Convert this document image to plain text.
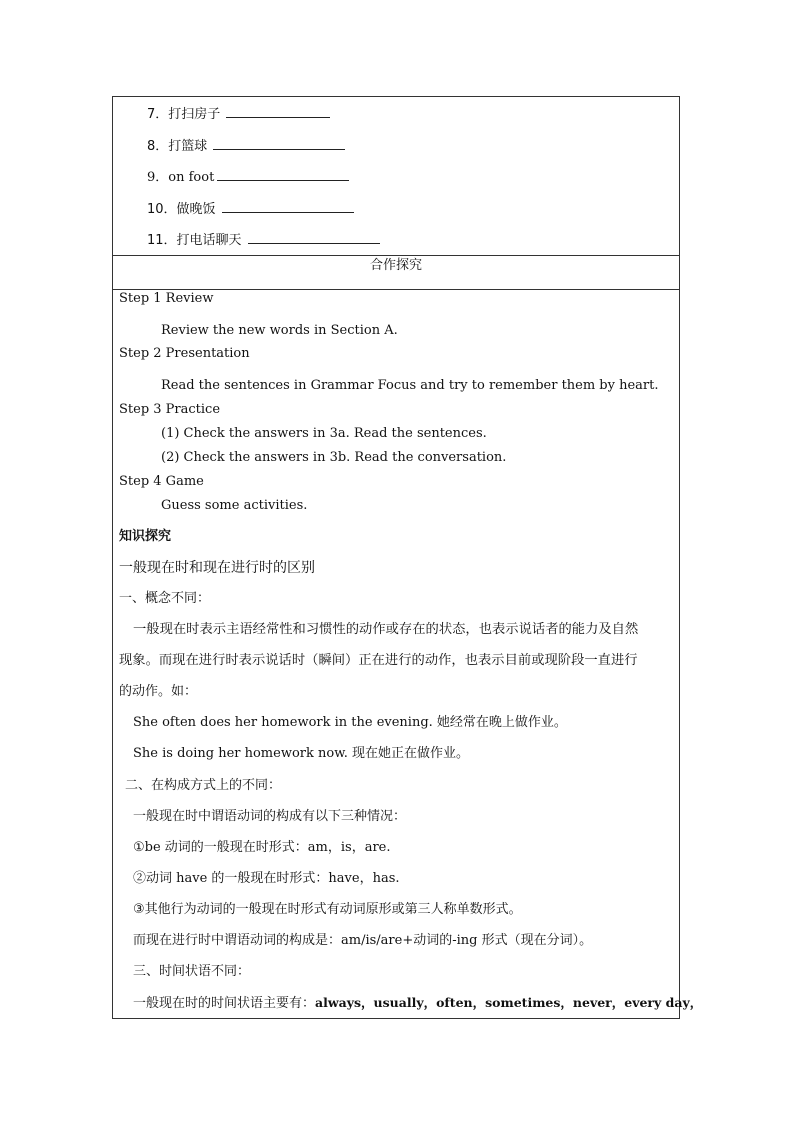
7．打扫房子
8．打篮球
9．on foot
10．做晚饭
11．打电话聊天
合作探究
Step 1 Review
Review the new words in Section A.
Step 2 Presentation
Read the sentences in Grammar Focus and try to remember them by heart.
Step 3 Practice
(1) Check the answers in 3a. Read the sentences.
(2) Check the answers in 3b. Read the conversation.
Step 4 Game
Guess some activities.
知识探究
一般现在时和现在进行时的区别
一、概念不同：
一般现在时表示主语经常性和习惯性的动作或存在的状态，也表示说话者的能力及自然
现象。而现在进行时表示说话时（瞬间）正在进行的动作，也表示目前或现阶段一直进行
的动作。如：
She often does her homework in the evening. 她经常在晚上做作业。
She is doing her homework now. 现在她正在做作业。
二、在构成方式上的不同：
一般现在时中谓语动词的构成有以下三种情况：
①be 动词的一般现在时形式：am，is，are.
②动词 have 的一般现在时形式：have，has.
③其他行为动词的一般现在时形式有动词原形或第三人称单数形式。
而现在进行时中谓语动词的构成是：am/is/are+动词的-ing 形式（现在分词）。
三、时间状语不同：
一般现在时的时间状语主要有：always，usually，often，sometimes，never，every day，
